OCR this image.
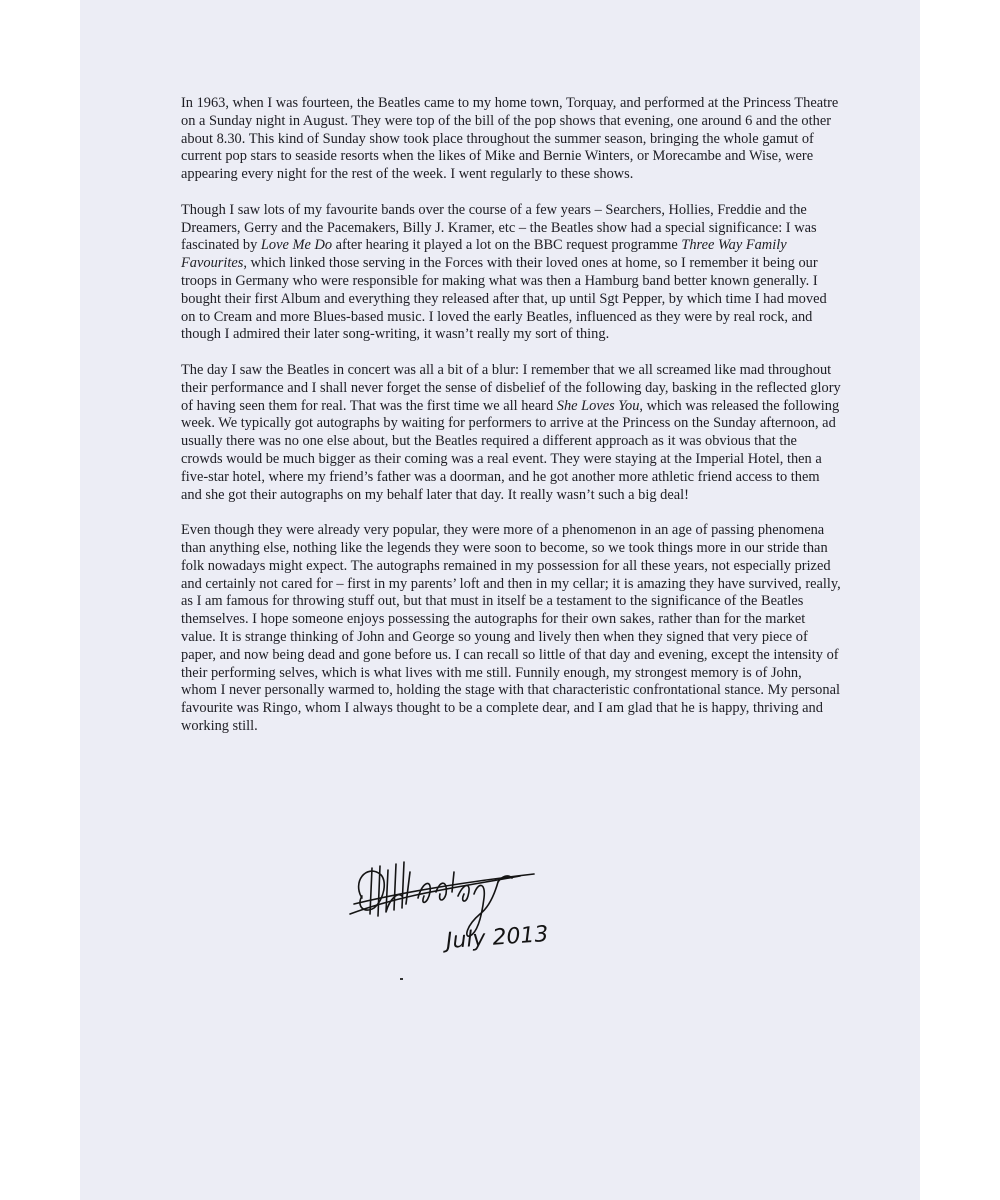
In 1963, when I was fourteen, the Beatles came to my home town, Torquay, and performed at the Princess Theatre on a Sunday night in August. They were top of the bill of the pop shows that evening, one around 6 and the other about 8.30. This kind of Sunday show took place throughout the summer season, bringing the whole gamut of current pop stars to seaside resorts when the likes of Mike and Bernie Winters, or Morecambe and Wise, were appearing every night for the rest of the week. I went regularly to these shows.

Though I saw lots of my favourite bands over the course of a few years – Searchers, Hollies, Freddie and the Dreamers, Gerry and the Pacemakers, Billy J. Kramer, etc – the Beatles show had a special significance: I was fascinated by Love Me Do after hearing it played a lot on the BBC request programme Three Way Family Favourites, which linked those serving in the Forces with their loved ones at home, so I remember it being our troops in Germany who were responsible for making what was then a Hamburg band better known generally. I bought their first Album and everything they released after that, up until Sgt Pepper, by which time I had moved on to Cream and more Blues-based music. I loved the early Beatles, influenced as they were by real rock, and though I admired their later song-writing, it wasn’t really my sort of thing.

The day I saw the Beatles in concert was all a bit of a blur: I remember that we all screamed like mad throughout their performance and I shall never forget the sense of disbelief of the following day, basking in the reflected glory of having seen them for real. That was the first time we all heard She Loves You, which was released the following week. We typically got autographs by waiting for performers to arrive at the Princess on the Sunday afternoon, ad usually there was no one else about, but the Beatles required a different approach as it was obvious that the crowds would be much bigger as their coming was a real event. They were staying at the Imperial Hotel, then a five-star hotel, where my friend’s father was a doorman, and he got another more athletic friend access to them and she got their autographs on my behalf later that day. It really wasn’t such a big deal!

Even though they were already very popular, they were more of a phenomenon in an age of passing phenomena than anything else, nothing like the legends they were soon to become, so we took things more in our stride than folk nowadays might expect. The autographs remained in my possession for all these years, not especially prized and certainly not cared for – first in my parents’ loft and then in my cellar; it is amazing they have survived, really, as I am famous for throwing stuff out, but that must in itself be a testament to the significance of the Beatles themselves. I hope someone enjoys possessing the autographs for their own sakes, rather than for the market value. It is strange thinking of John and George so young and lively then when they signed that very piece of paper, and now being dead and gone before us. I can recall so little of that day and evening, except the intensity of their performing selves, which is what lives with me still. Funnily enough, my strongest memory is of John, whom I never personally warmed to, holding the stage with that characteristic confrontational stance. My personal favourite was Ringo, whom I always thought to be a complete dear, and I am glad that he is happy, thriving and working still.

July 2013
